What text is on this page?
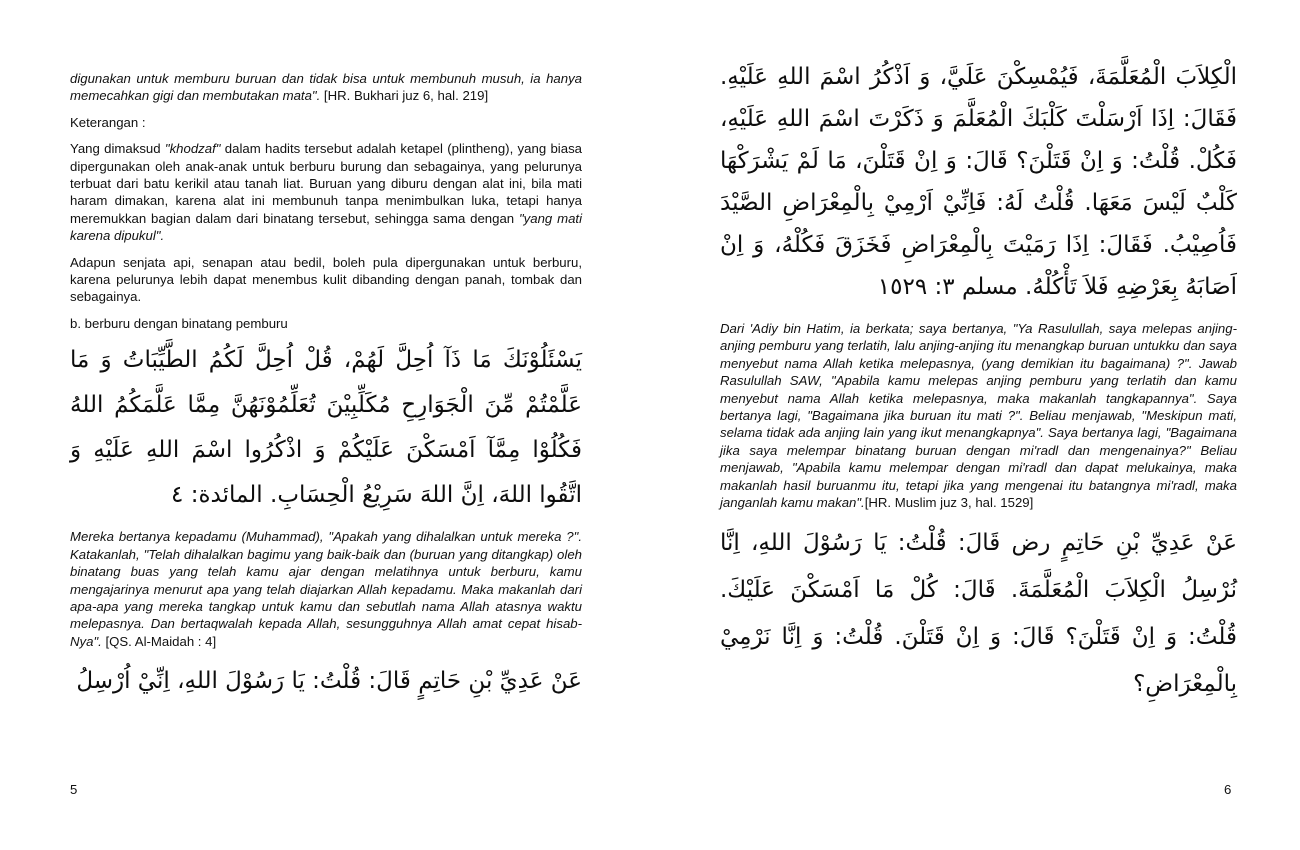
digunakan untuk memburu buruan dan tidak bisa untuk membunuh musuh, ia hanya memecahkan gigi dan membutakan mata". [HR. Bukhari juz 6, hal. 219]

Keterangan :

Yang dimaksud "khodzaf" dalam hadits tersebut adalah ketapel (plintheng), yang biasa dipergunakan oleh anak-anak untuk berburu burung dan sebagainya, yang pelurunya terbuat dari batu kerikil atau tanah liat. Buruan yang diburu dengan alat ini, bila mati haram dimakan, karena alat ini membunuh tanpa menimbulkan luka, tetapi hanya meremukkan bagian dalam dari binatang tersebut, sehingga sama dengan "yang mati karena dipukul".

Adapun senjata api, senapan atau bedil, boleh pula dipergunakan untuk berburu, karena pelurunya lebih dapat menembus kulit dibanding dengan panah, tombak dan sebagainya.

b. berburu dengan binatang pemburu

يَسْئَلُوْنَكَ مَا ذَآ اُحِلَّ لَهُمْ، قُلْ اُحِلَّ لَكُمُ الطَّيِّبَاتُ وَ مَا عَلَّمْتُمْ مِّنَ الْجَوَارِحِ مُكَلِّبِيْنَ تُعَلِّمُوْنَهُنَّ مِمَّا عَلَّمَكُمُ اللهُ فَكُلُوْا مِمَّآ اَمْسَكْنَ عَلَيْكُمْ وَ اذْكُرُوا اسْمَ اللهِ عَلَيْهِ وَ اتَّقُوا اللهَ، اِنَّ اللهَ سَرِيْعُ الْحِسَابِ. المائدة: ٤

Mereka bertanya kepadamu (Muhammad), "Apakah yang dihalalkan untuk mereka ?". Katakanlah, "Telah dihalalkan bagimu yang baik-baik dan (buruan yang ditangkap) oleh binatang buas yang telah kamu ajar dengan melatihnya untuk berburu, kamu mengajarinya menurut apa yang telah diajarkan Allah kepadamu. Maka makanlah dari apa-apa yang mereka tangkap untuk kamu dan sebutlah nama Allah atasnya waktu melepasnya. Dan bertaqwalah kepada Allah, sesungguhnya Allah amat cepat hisab-Nya". [QS. Al-Maidah : 4]

عَنْ عَدِيِّ بْنِ حَاتِمٍ قَالَ: قُلْتُ: يَا رَسُوْلَ اللهِ، اِنِّيْ اُرْسِلُ

الْكِلاَبَ الْمُعَلَّمَةَ، فَيُمْسِكْنَ عَلَيَّ، وَ اَذْكُرُ اسْمَ اللهِ عَلَيْهِ. فَقَالَ: اِذَا اَرْسَلْتَ كَلْبَكَ الْمُعَلَّمَ وَ ذَكَرْتَ اسْمَ اللهِ عَلَيْهِ، فَكُلْ. قُلْتُ: وَ اِنْ قَتَلْنَ؟ قَالَ: وَ اِنْ قَتَلْنَ، مَا لَمْ يَشْرَكْهَا كَلْبٌ لَيْسَ مَعَهَا. قُلْتُ لَهُ: فَاِنِّيْ اَرْمِيْ بِالْمِعْرَاضِ الصَّيْدَ فَاُصِيْبُ. فَقَالَ: اِذَا رَمَيْتَ بِالْمِعْرَاضِ فَخَزَقَ فَكُلْهُ، وَ اِنْ اَصَابَهُ بِعَرْضِهِ فَلاَ تَأْكُلْهُ. مسلم ٣: ١٥٢٩

Dari 'Adiy bin Hatim, ia berkata; saya bertanya, "Ya Rasulullah, saya melepas anjing-anjing pemburu yang terlatih, lalu anjing-anjing itu menangkap buruan untukku dan saya menyebut nama Allah ketika melepasnya, (yang demikian itu bagaimana) ?". Jawab Rasulullah SAW, "Apabila kamu melepas anjing pemburu yang terlatih dan kamu menyebut nama Allah ketika melepasnya, maka makanlah tangkapannya". Saya bertanya lagi, "Bagaimana jika buruan itu mati ?". Beliau menjawab, "Meskipun mati, selama tidak ada anjing lain yang ikut menangkapnya". Saya bertanya lagi, "Bagaimana jika saya melempar binatang buruan dengan mi'radl dan mengenainya?" Beliau menjawab, "Apabila kamu melempar dengan mi'radl dan dapat melukainya, maka makanlah hasil buruanmu itu, tetapi jika yang mengenai itu batangnya mi'radl, maka janganlah kamu makan".[HR. Muslim juz 3, hal. 1529]

عَنْ عَدِيِّ بْنِ حَاتِمٍ رض قَالَ: قُلْتُ: يَا رَسُوْلَ اللهِ، اِنَّا نُرْسِلُ الْكِلاَبَ الْمُعَلَّمَةَ. قَالَ: كُلْ مَا اَمْسَكْنَ عَلَيْكَ. قُلْتُ: وَ اِنْ قَتَلْنَ؟ قَالَ: وَ اِنْ قَتَلْنَ. قُلْتُ: وَ اِنَّا نَرْمِيْ بِالْمِعْرَاضِ؟

5	6
